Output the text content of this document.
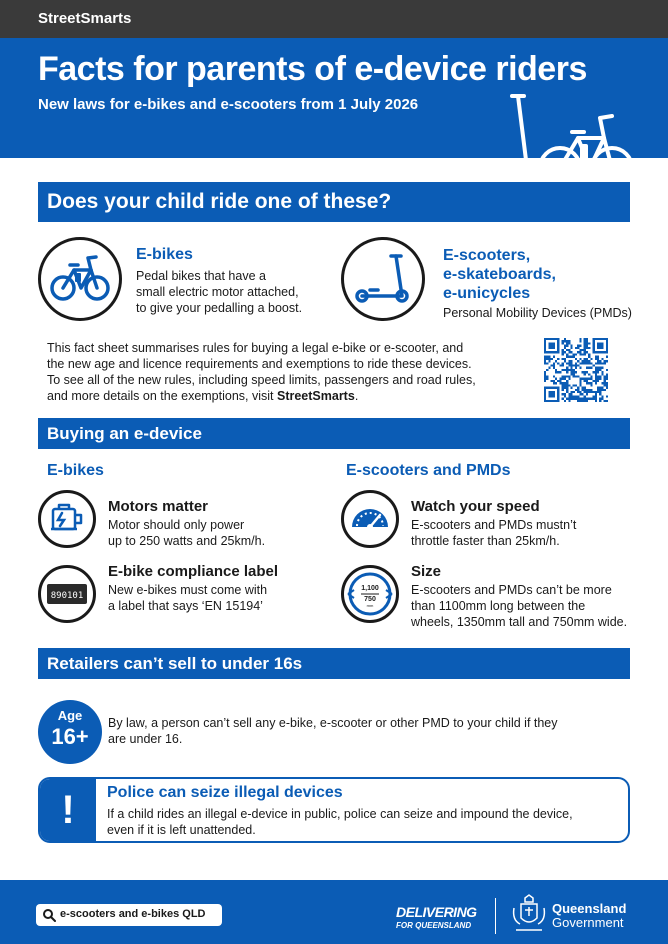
StreetSmarts
Facts for parents of e-device riders
New laws for e-bikes and e-scooters from 1 July 2026
Does your child ride one of these?
E-bikes
Pedal bikes that have a
small electric motor attached,
to give your pedalling a boost.
E-scooters,
e-skateboards,
e-unicycles
Personal Mobility Devices (PMDs)
This fact sheet summarises rules for buying a legal e-bike or e-scooter, and
the new age and licence requirements and exemptions to ride these devices.
To see all of the new rules, including speed limits, passengers and road rules,
and more details on the exemptions, visit StreetSmarts.
Buying an e-device
E-bikes	E-scooters and PMDs
Motors matter
Motor should only power
up to 250 watts and 25km/h.
890101
E-bike compliance label
New e-bikes must come with
a label that says ‘EN 15194’
Watch your speed
E-scooters and PMDs mustn’t
throttle faster than 25km/h.
1,100
750
mm
Size
E-scooters and PMDs can’t be more
than 1100mm long between the
wheels, 1350mm tall and 750mm wide.
Retailers can’t sell to under 16s
Age
16+
By law, a person can’t sell any e-bike, e-scooter or other PMD to your child if they
are under 16.
!	Police can seize illegal devices
If a child rides an illegal e-device in public, police can seize and impound the device,
even if it is left unattended.
e-scooters and e-bikes QLD	DELIVERING
FOR QUEENSLAND
Queensland
Government
